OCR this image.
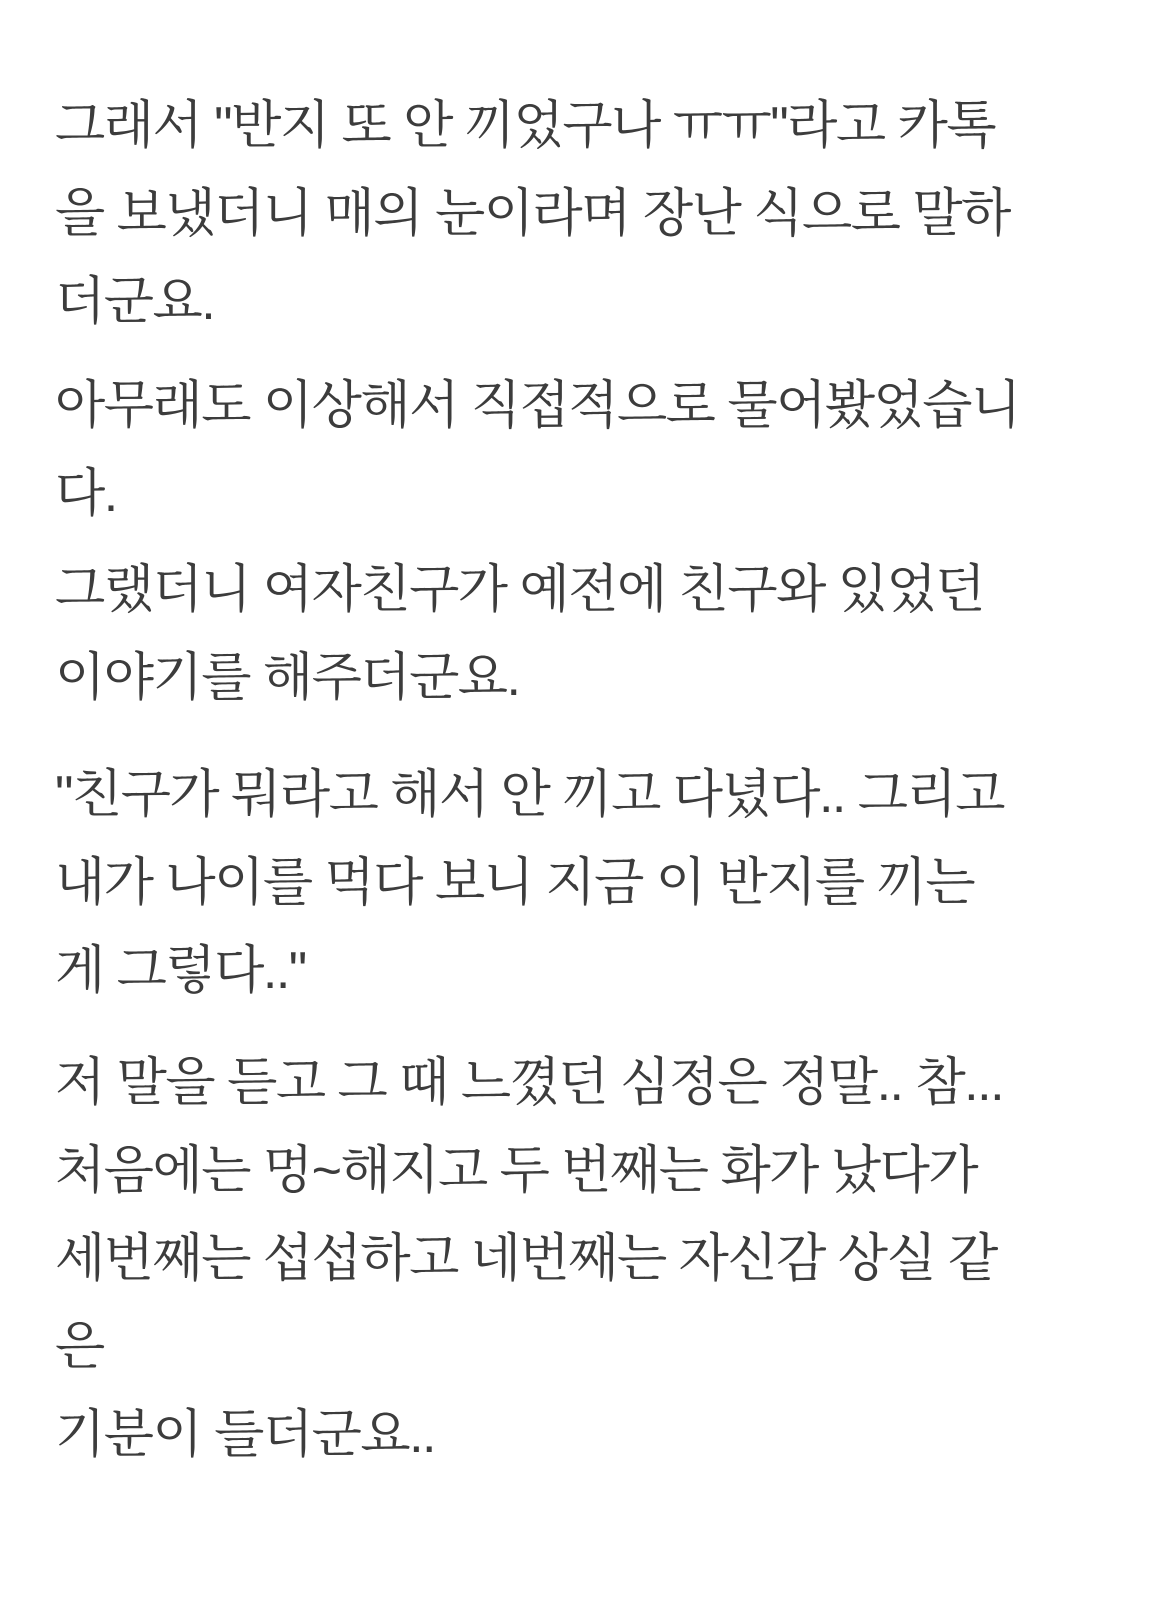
그래서 "반지 또 안 끼었구나 ㅠㅠ"라고 카톡
을 보냈더니 매의 눈이라며 장난 식으로 말하
더군요.

아무래도 이상해서 직접적으로 물어봤었습니
다.

그랬더니 여자친구가 예전에 친구와 있었던
이야기를 해주더군요.

"친구가 뭐라고 해서 안 끼고 다녔다.. 그리고
내가 나이를 먹다 보니 지금 이 반지를 끼는
게 그렇다.."

저 말을 듣고 그 때 느꼈던 심정은 정말.. 참...
처음에는 멍~해지고 두 번째는 화가 났다가
세번째는 섭섭하고 네번째는 자신감 상실 같
은

기분이 들더군요..
